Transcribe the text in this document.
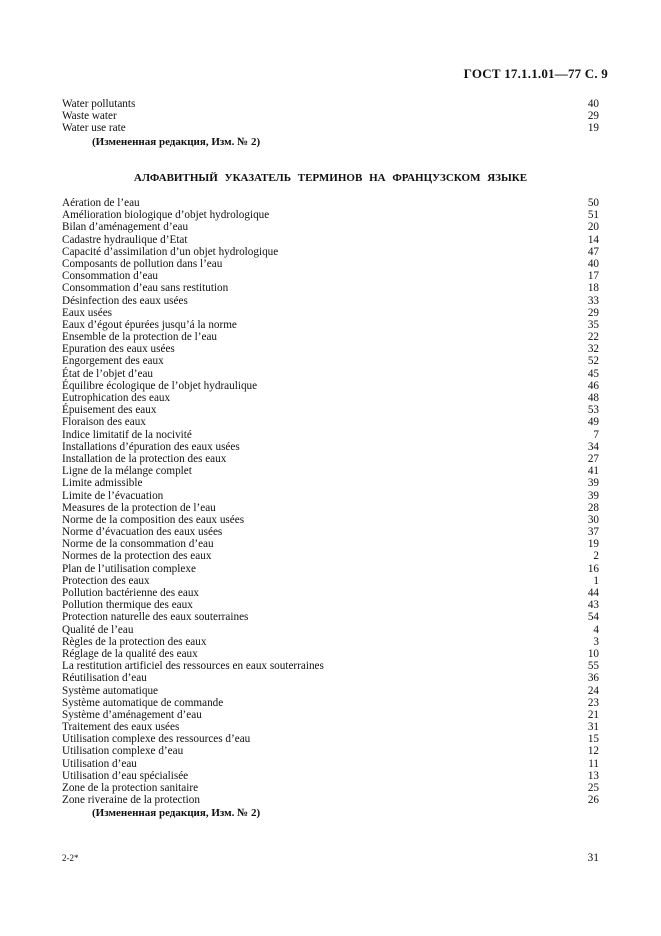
ГОСТ 17.1.1.01—77 С. 9
Water pollutants	40
Waste water	29
Water use rate	19
(Измененная редакция, Изм. № 2)
АЛФАВИТНЫЙ УКАЗАТЕЛЬ ТЕРМИНОВ НА ФРАНЦУЗСКОМ ЯЗЫКЕ
Aération de l’eau	50
Amélioration biologique d’objet hydrologique	51
Bilan d’aménagement d’eau	20
Cadastre hydraulique d’Etat	14
Capacité d’assimilation d’un objet hydrologique	47
Composants de pollution dans l’eau	40
Consommation d’eau	17
Consommation d’eau sans restitution	18
Désinfection des eaux usées	33
Eaux usées	29
Eaux d’égout épurées jusqu’á la norme	35
Ensemble de la protection de l’eau	22
Epuration des eaux usées	32
Engorgement des eaux	52
État de l’objet d’eau	45
Équilibre écologique de l’objet hydraulique	46
Eutrophication des eaux	48
Épuisement des eaux	53
Floraison des eaux	49
Indice limitatif de la nocivité	7
Installations d’épuration des eaux usées	34
Installation de la protection des eaux	27
Ligne de la mélange complet	41
Limite admissible	39
Limite de l’évacuation	39
Measures de la protection de l’eau	28
Norme de la composition des eaux usées	30
Norme d’évacuation des eaux usées	37
Norme de la consommation d’eau	19
Normes de la protection des eaux	2
Plan de l’utilisation complexe	16
Protection des eaux	1
Pollution bactérienne des eaux	44
Pollution thermique des eaux	43
Protection naturelle des eaux souterraines	54
Qualité de l’eau	4
Règles de la protection des eaux	3
Réglage de la qualité des eaux	10
La restitution artificiel des ressources en eaux souterraines	55
Réutilisation d’eau	36
Système automatique	24
Système automatique de commande	23
Système d’aménagement d’eau	21
Traitement des eaux usées	31
Utilisation complexe des ressources d’eau	15
Utilisation complexe d’eau	12
Utilisation d’eau	11
Utilisation d’eau spécialisée	13
Zone de la protection sanitaire	25
Zone riveraine de la protection	26
(Измененная редакция, Изм. № 2)
2-2*	31
